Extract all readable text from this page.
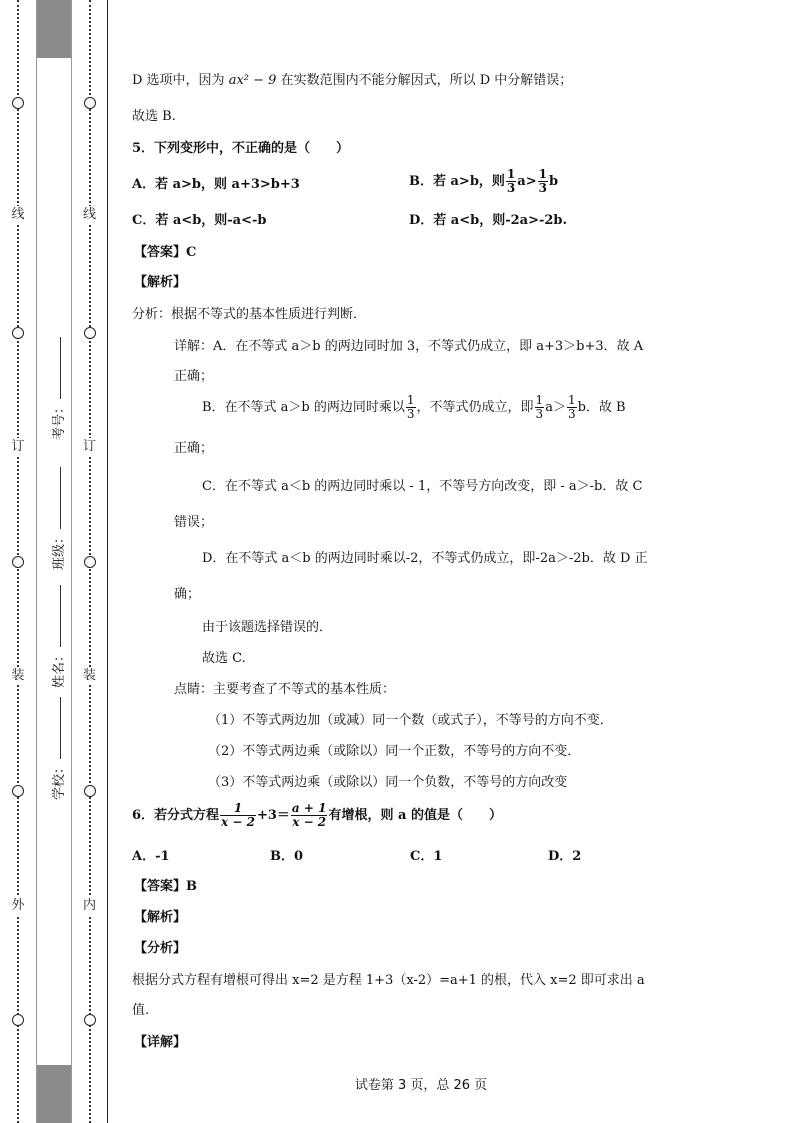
线
订
装
外
考号：
班级：
姓名：
学校：
线
订
装
内
D 选项中，因为 ax² − 9 在实数范围内不能分解因式，所以 D 中分解错误；
故选 B.
5．下列变形中，不正确的是（　　）
A．若 a>b，则 a+3>b+3	B．若 a>b，则 $\frac{1}{3} a> \frac{1}{3}$ b
C．若 a<b，则-a<-b	D．若 a<b，则-2a>-2b.
【答案】C
【解析】
分析：根据不等式的基本性质进行判断．
详解：A．在不等式 a＞b 的两边同时加 3，不等式仍成立，即 a+3＞b+3．故 A
正确；
B．在不等式 a＞b 的两边同时乘以 $\frac{1}{3}$ ，不等式仍成立，即 $\frac{1}{3} a> \frac{1}{3}$ b．故 B
正确；
C．在不等式 a＜b 的两边同时乘以 - 1，不等号方向改变，即 - a＞-b．故 C
错误；
D．在不等式 a＜b 的两边同时乘以-2，不等式仍成立，即-2a＞-2b．故 D 正
确；
由于该题选择错误的．
故选 C.
点睛：主要考查了不等式的基本性质：
（1）不等式两边加（或减）同一个数（或式子），不等号的方向不变．
（2）不等式两边乘（或除以）同一个正数，不等号的方向不变．
（3）不等式两边乘（或除以）同一个负数，不等号的方向改变
6．若分式方程 $\frac{1}{x - 2} +3= \frac{a + 1}{x - 2}$ 有增根，则 a 的值是（　　）
A．-1	B．0	C．1	D．2
【答案】B
【解析】
【分析】
根据分式方程有增根可得出 x=2 是方程 1+3（x-2）=a+1 的根，代入 x=2 即可求出 a
值.
【详解】
试卷第 3 页，总 26 页
